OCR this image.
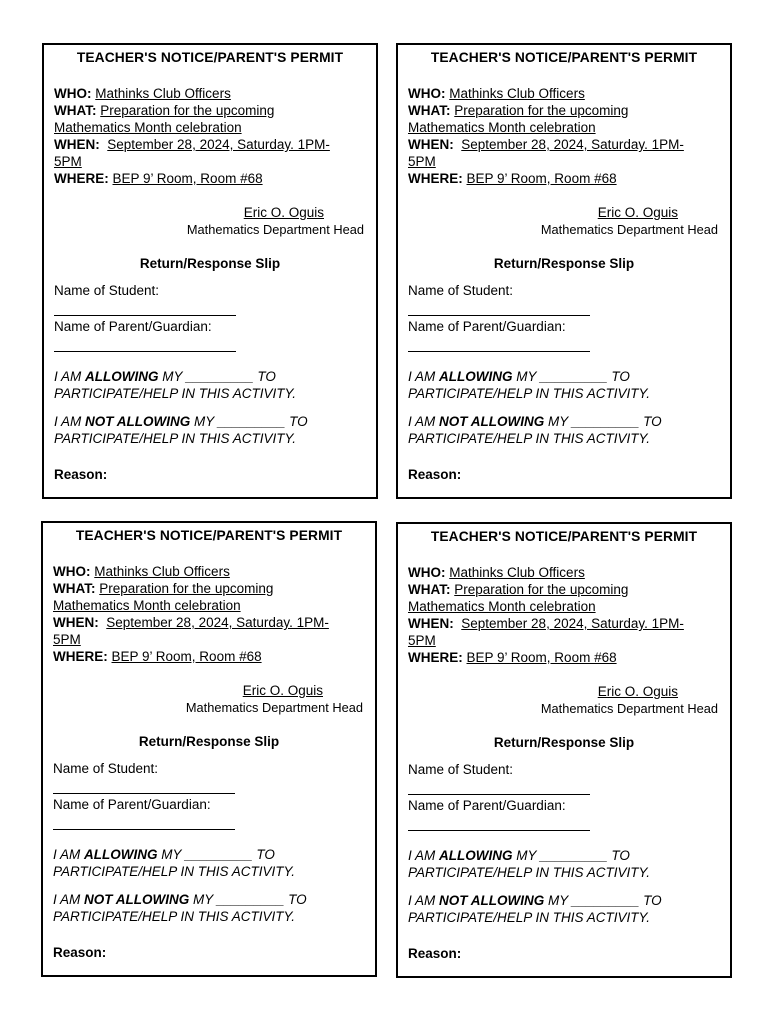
TEACHER'S NOTICE/PARENT'S PERMIT
WHO: Mathinks Club Officers
WHAT: Preparation for the upcoming
Mathematics Month celebration
WHEN: September 28, 2024, Saturday. 1PM-
5PM
WHERE: BEP 9’ Room, Room #68
Eric O. Oguis
Mathematics Department Head
Return/Response Slip
Name of Student:
Name of Parent/Guardian:
I AM ALLOWING MY _________ TO PARTICIPATE/HELP IN THIS ACTIVITY.
I AM NOT ALLOWING MY _________ TO PARTICIPATE/HELP IN THIS ACTIVITY.
Reason:
TEACHER'S NOTICE/PARENT'S PERMIT
WHO: Mathinks Club Officers
WHAT: Preparation for the upcoming
Mathematics Month celebration
WHEN: September 28, 2024, Saturday. 1PM-
5PM
WHERE: BEP 9’ Room, Room #68
Eric O. Oguis
Mathematics Department Head
Return/Response Slip
Name of Student:
Name of Parent/Guardian:
I AM ALLOWING MY _________ TO PARTICIPATE/HELP IN THIS ACTIVITY.
I AM NOT ALLOWING MY _________ TO PARTICIPATE/HELP IN THIS ACTIVITY.
Reason:
TEACHER'S NOTICE/PARENT'S PERMIT
WHO: Mathinks Club Officers
WHAT: Preparation for the upcoming
Mathematics Month celebration
WHEN: September 28, 2024, Saturday. 1PM-
5PM
WHERE: BEP 9’ Room, Room #68
Eric O. Oguis
Mathematics Department Head
Return/Response Slip
Name of Student:
Name of Parent/Guardian:
I AM ALLOWING MY _________ TO PARTICIPATE/HELP IN THIS ACTIVITY.
I AM NOT ALLOWING MY _________ TO PARTICIPATE/HELP IN THIS ACTIVITY.
Reason:
TEACHER'S NOTICE/PARENT'S PERMIT
WHO: Mathinks Club Officers
WHAT: Preparation for the upcoming
Mathematics Month celebration
WHEN: September 28, 2024, Saturday. 1PM-
5PM
WHERE: BEP 9’ Room, Room #68
Eric O. Oguis
Mathematics Department Head
Return/Response Slip
Name of Student:
Name of Parent/Guardian:
I AM ALLOWING MY _________ TO PARTICIPATE/HELP IN THIS ACTIVITY.
I AM NOT ALLOWING MY _________ TO PARTICIPATE/HELP IN THIS ACTIVITY.
Reason:
